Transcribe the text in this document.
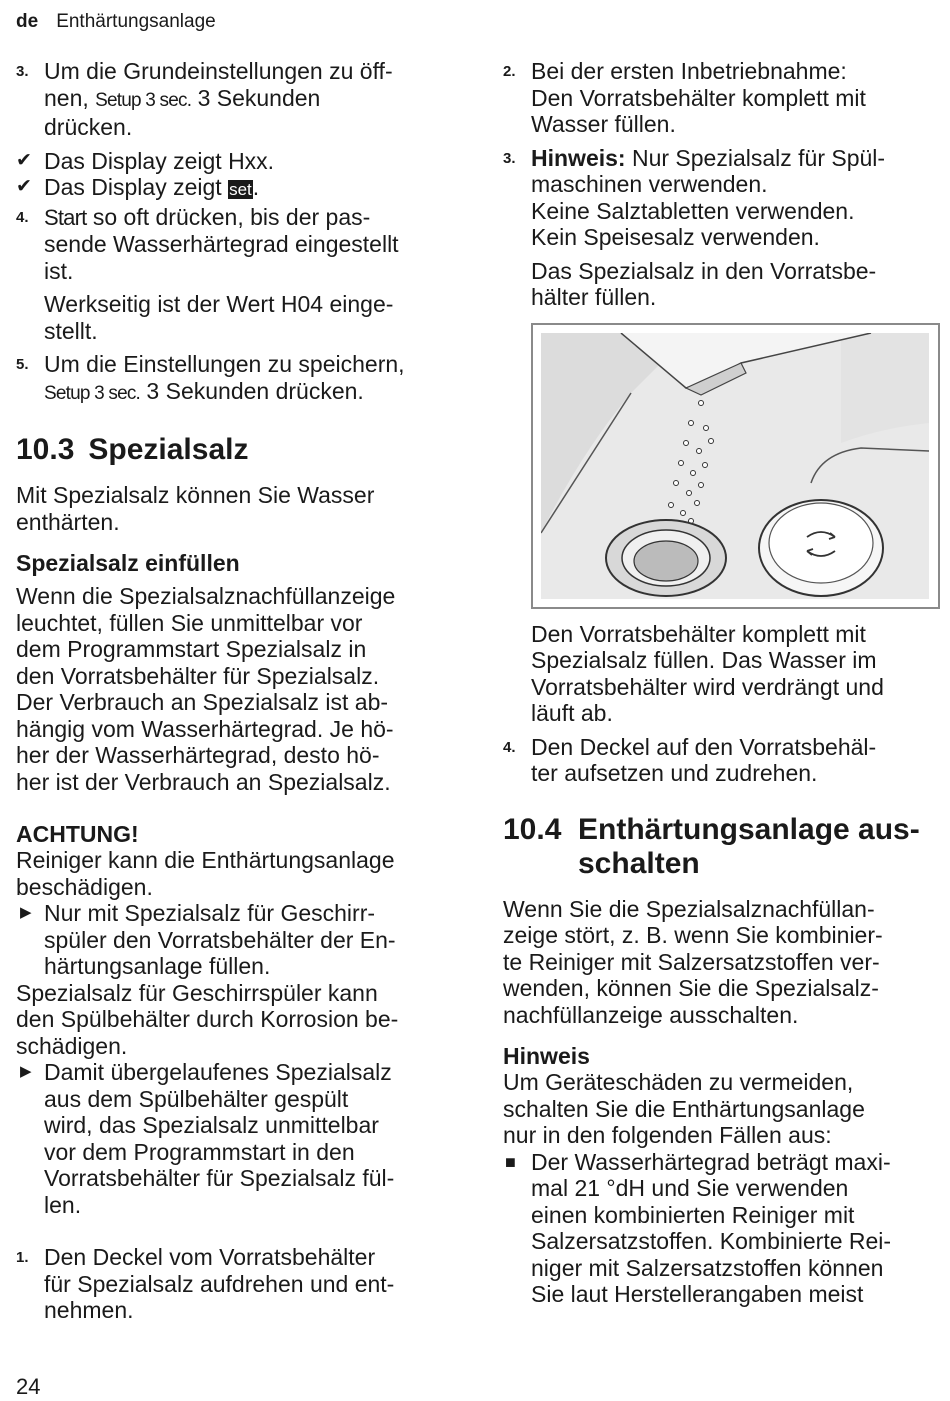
de Enthärtungsanlage
3. Um die Grundeinstellungen zu öff-
nen, Setup 3 sec. 3 Sekunden
drücken.
✔ Das Display zeigt Hxx.
✔ Das Display zeigt set.
4. Start so oft drücken, bis der pas-
sende Wasserhärtegrad eingestellt
ist.
Werkseitig ist der Wert H04 einge-
stellt.
5. Um die Einstellungen zu speichern,
Setup 3 sec. 3 Sekunden drücken.
10.3 Spezialsalz
Mit Spezialsalz können Sie Wasser
enthärten.
Spezialsalz einfüllen
Wenn die Spezialsalznachfüllanzeige
leuchtet, füllen Sie unmittelbar vor
dem Programmstart Spezialsalz in
den Vorratsbehälter für Spezialsalz.
Der Verbrauch an Spezialsalz ist ab-
hängig vom Wasserhärtegrad. Je hö-
her der Wasserhärtegrad, desto hö-
her ist der Verbrauch an Spezialsalz.
ACHTUNG!
Reiniger kann die Enthärtungsanlage
beschädigen.
▶ Nur mit Spezialsalz für Geschirr-
spüler den Vorratsbehälter der En-
härtungsanlage füllen.
Spezialsalz für Geschirrspüler kann
den Spülbehälter durch Korrosion be-
schädigen.
▶ Damit übergelaufenes Spezialsalz
aus dem Spülbehälter gespült
wird, das Spezialsalz unmittelbar
vor dem Programmstart in den
Vorratsbehälter für Spezialsalz fül-
len.
1. Den Deckel vom Vorratsbehälter
für Spezialsalz aufdrehen und ent-
nehmen.
2. Bei der ersten Inbetriebnahme:
Den Vorratsbehälter komplett mit
Wasser füllen.
3. Hinweis: Nur Spezialsalz für Spül-
maschinen verwenden.
Keine Salztabletten verwenden.
Kein Speisesalz verwenden.
Das Spezialsalz in den Vorratsbe-
hälter füllen.
Den Vorratsbehälter komplett mit
Spezialsalz füllen. Das Wasser im
Vorratsbehälter wird verdrängt und
läuft ab.
4. Den Deckel auf den Vorratsbehäl-
ter aufsetzen und zudrehen.
10.4 Enthärtungsanlage aus-
schalten
Wenn Sie die Spezialsalznachfüllan-
zeige stört, z. B. wenn Sie kombinier-
te Reiniger mit Salzersatzstoffen ver-
wenden, können Sie die Spezialsalz-
nachfüllanzeige ausschalten.
Hinweis
Um Geräteschäden zu vermeiden,
schalten Sie die Enthärtungsanlage
nur in den folgenden Fällen aus:
■ Der Wasserhärtegrad beträgt maxi-
mal 21 °dH und Sie verwenden
einen kombinierten Reiniger mit
Salzersatzstoffen. Kombinierte Rei-
niger mit Salzersatzstoffen können
Sie laut Herstellerangaben meist
24
